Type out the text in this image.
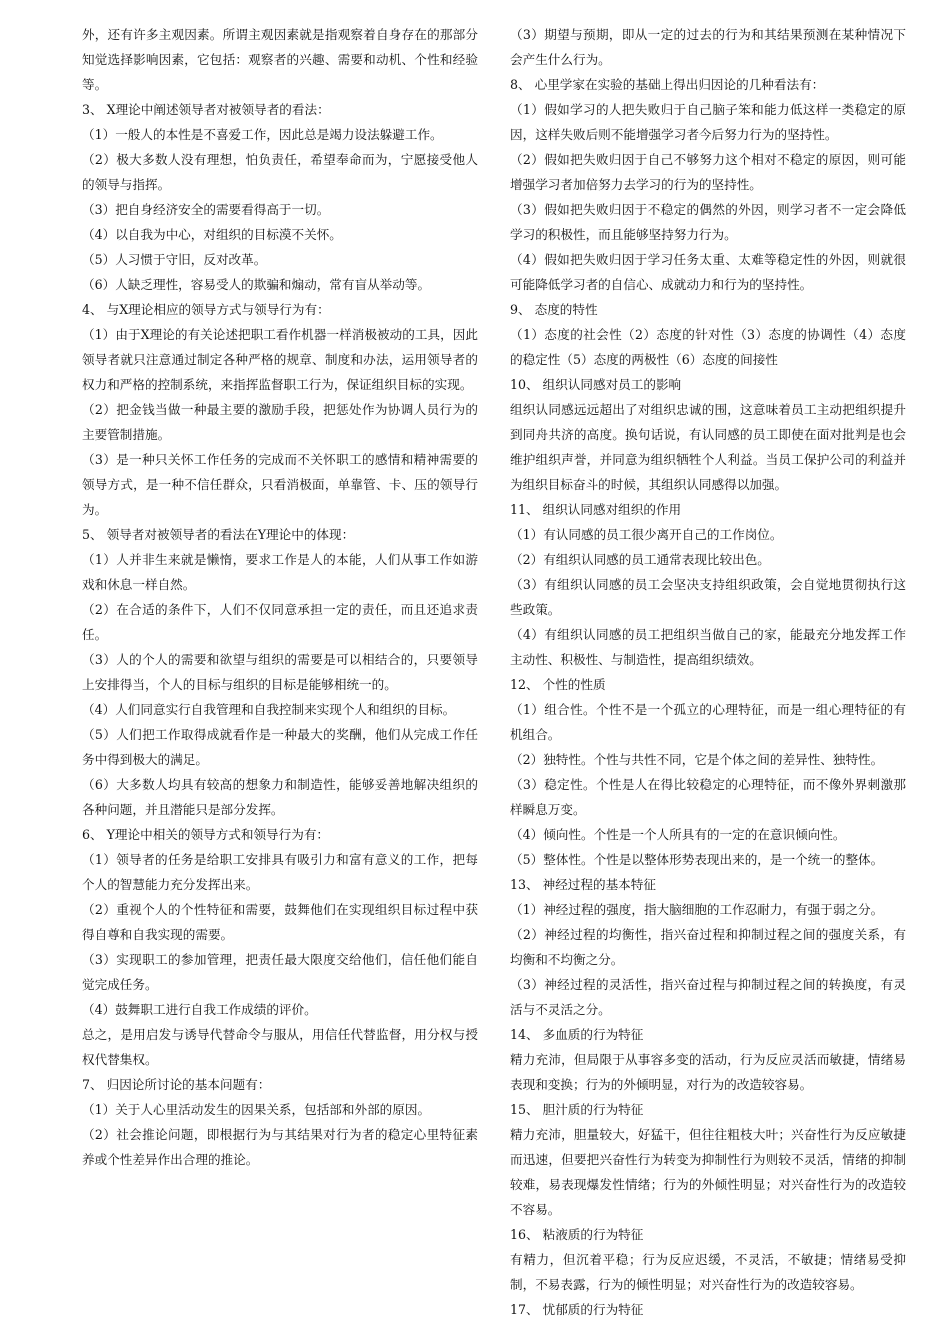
外，还有许多主观因素。所谓主观因素就是指观察着自身存在的那部分知觉选择影响因素，它包括：观察者的兴趣、需要和动机、个性和经验等。

3、 X理论中阐述领导者对被领导者的看法：

（1）一般人的本性是不喜爱工作，因此总是竭力设法躲避工作。

（2）极大多数人没有理想，怕负责任，希望奉命而为，宁愿接受他人的领导与指挥。

（3）把自身经济安全的需要看得高于一切。

（4）以自我为中心，对组织的目标漠不关怀。

（5）人习惯于守旧，反对改革。

（6）人缺乏理性，容易受人的欺骗和煽动，常有盲从举动等。

4、 与X理论相应的领导方式与领导行为有：

（1）由于X理论的有关论述把职工看作机器一样消极被动的工具，因此领导者就只注意通过制定各种严格的规章、制度和办法，运用领导者的权力和严格的控制系统，来指挥监督职工行为，保证组织目标的实现。

（2）把金钱当做一种最主要的激励手段，把惩处作为协调人员行为的主要管制措施。

（3）是一种只关怀工作任务的完成而不关怀职工的感情和精神需要的领导方式，是一种不信任群众，只看消极面，单靠管、卡、压的领导行为。

5、 领导者对被领导者的看法在Y理论中的体现：

（1）人并非生来就是懒惰，要求工作是人的本能，人们从事工作如游戏和休息一样自然。

（2）在合适的条件下，人们不仅同意承担一定的责任，而且还追求责任。

（3）人的个人的需要和欲望与组织的需要是可以相结合的，只要领导上安排得当，个人的目标与组织的目标是能够相统一的。

（4）人们同意实行自我管理和自我控制来实现个人和组织的目标。

（5）人们把工作取得成就看作是一种最大的奖酬，他们从完成工作任务中得到极大的满足。

（6）大多数人均具有较高的想象力和制造性，能够妥善地解决组织的各种问题，并且潜能只是部分发挥。

6、 Y理论中相关的领导方式和领导行为有：

（1）领导者的任务是给职工安排具有吸引力和富有意义的工作，把每个人的智慧能力充分发挥出来。

（2）重视个人的个性特征和需要，鼓舞他们在实现组织目标过程中获得自尊和自我实现的需要。

（3）实现职工的参加管理，把责任最大限度交给他们，信任他们能自觉完成任务。

（4）鼓舞职工进行自我工作成绩的评价。

总之，是用启发与诱导代替命令与服从，用信任代替监督，用分权与授权代替集权。

7、 归因论所讨论的基本问题有：

（1）关于人心里活动发生的因果关系，包括部和外部的原因。

（2）社会推论问题，即根据行为与其结果对行为者的稳定心里特征素养或个性差异作出合理的推论。

（3）期望与预期，即从一定的过去的行为和其结果预测在某种情况下会产生什么行为。

8、 心里学家在实验的基础上得出归因论的几种看法有：

（1）假如学习的人把失败归于自己脑子笨和能力低这样一类稳定的原因，这样失败后则不能增强学习者今后努力行为的坚持性。

（2）假如把失败归因于自己不够努力这个相对不稳定的原因，则可能增强学习者加倍努力去学习的行为的坚持性。

（3）假如把失败归因于不稳定的偶然的外因，则学习者不一定会降低学习的积极性，而且能够坚持努力行为。

（4）假如把失败归因于学习任务太重、太难等稳定性的外因，则就很可能降低学习者的自信心、成就动力和行为的坚持性。

9、 态度的特性

（1）态度的社会性（2）态度的针对性（3）态度的协调性（4）态度的稳定性（5）态度的两极性（6）态度的间接性

10、 组织认同感对员工的影响

组织认同感远远超出了对组织忠诚的围，这意味着员工主动把组织提升到同舟共济的高度。换句话说，有认同感的员工即使在面对批判是也会维护组织声誉，并同意为组织牺牲个人利益。当员工保护公司的利益并为组织目标奋斗的时候，其组织认同感得以加强。

11、 组织认同感对组织的作用

（1）有认同感的员工很少离开自己的工作岗位。

（2）有组织认同感的员工通常表现比较出色。

（3）有组织认同感的员工会坚决支持组织政策，会自觉地贯彻执行这些政策。

（4）有组织认同感的员工把组织当做自己的家，能最充分地发挥工作主动性、积极性、与制造性，提高组织绩效。

12、 个性的性质

（1）组合性。个性不是一个孤立的心理特征，而是一组心理特征的有机组合。

（2）独特性。个性与共性不同，它是个体之间的差异性、独特性。

（3）稳定性。个性是人在得比较稳定的心理特征，而不像外界刺激那样瞬息万变。

（4）倾向性。个性是一个人所具有的一定的在意识倾向性。

（5）整体性。个性是以整体形势表现出来的，是一个统一的整体。

13、 神经过程的基本特征

（1）神经过程的强度，指大脑细胞的工作忍耐力，有强于弱之分。

（2）神经过程的均衡性，指兴奋过程和抑制过程之间的强度关系，有均衡和不均衡之分。

（3）神经过程的灵活性，指兴奋过程与抑制过程之间的转换度，有灵活与不灵活之分。

14、 多血质的行为特征

精力充沛，但局限于从事容多变的活动，行为反应灵活而敏捷，情绪易表现和变换；行为的外倾明显，对行为的改造较容易。

15、 胆汁质的行为特征

精力充沛，胆量较大，好猛干，但往往粗枝大叶；兴奋性行为反应敏捷而迅速，但要把兴奋性行为转变为抑制性行为则较不灵活，情绪的抑制较难，易表现爆发性情绪；行为的外倾性明显；对兴奋性行为的改造较不容易。

16、 粘液质的行为特征

有精力，但沉着平稳；行为反应迟缓，不灵活，不敏捷；情绪易受抑制，不易表露，行为的倾性明显；对兴奋性行为的改造较容易。

17、 忧郁质的行为特征
